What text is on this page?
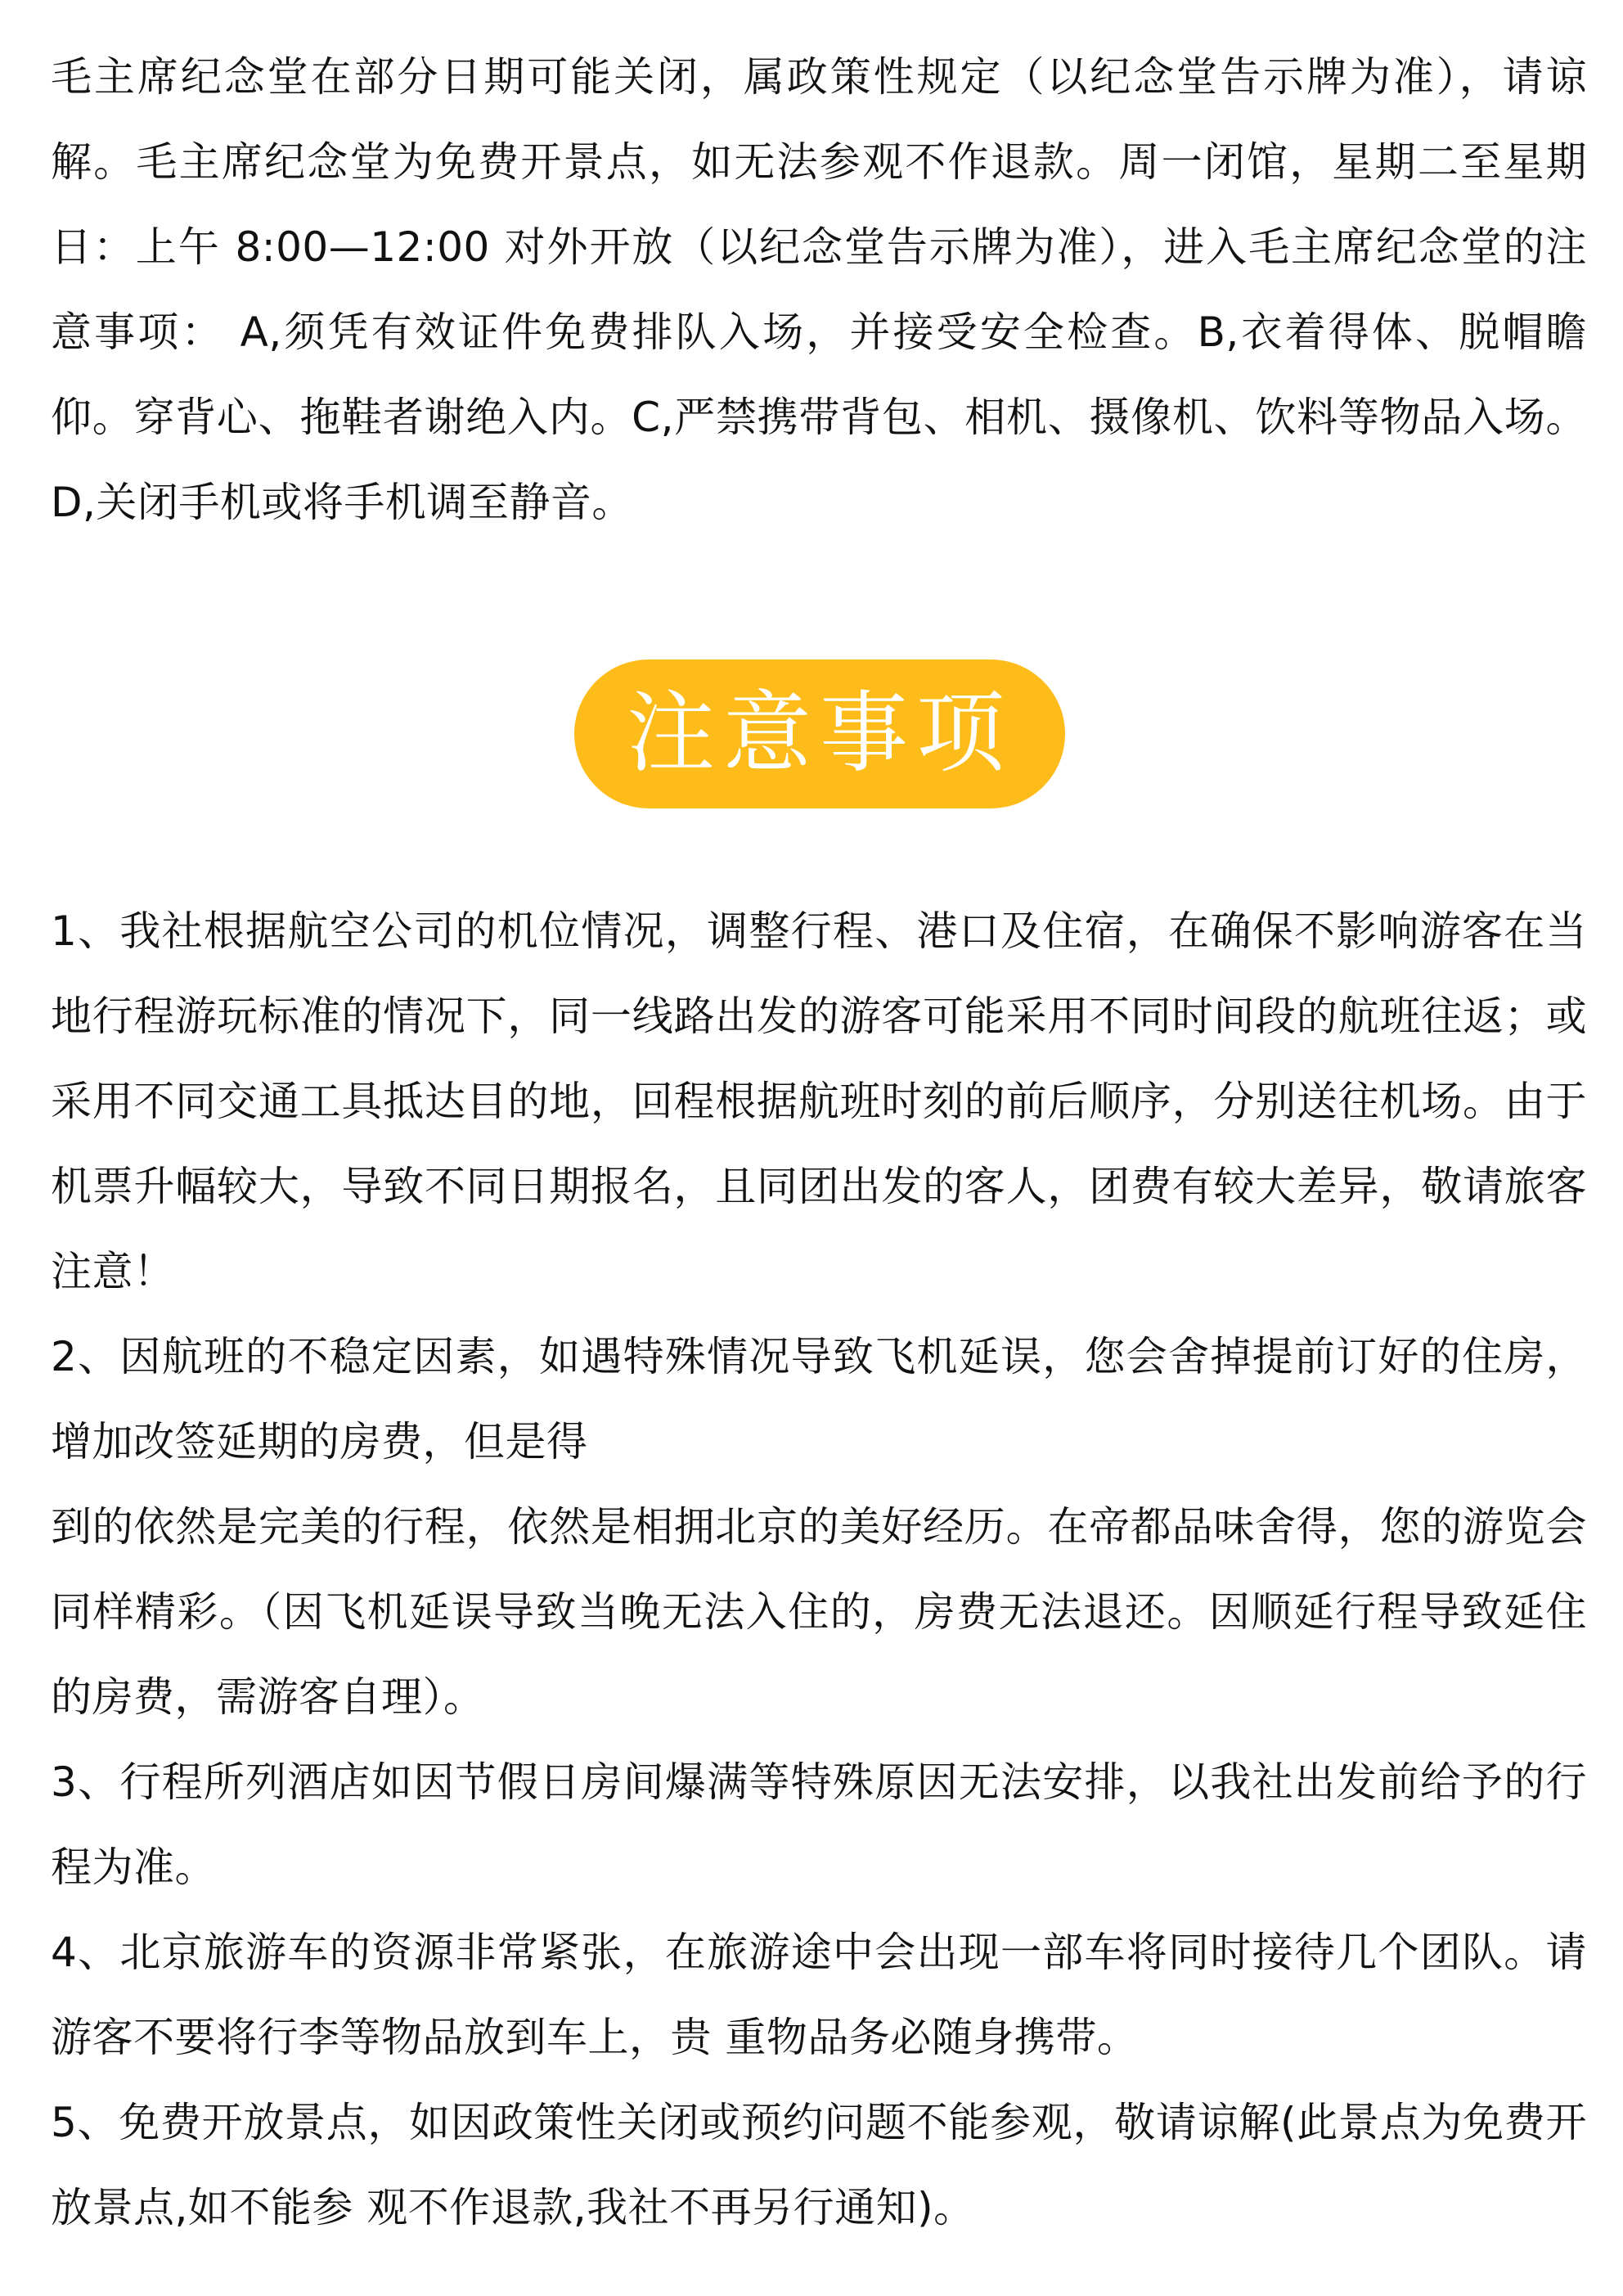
毛主席纪念堂在部分日期可能关闭，属政策性规定（以纪念堂告示牌为准），请谅解。毛主席纪念堂为免费开景点，如无法参观不作退款。周一闭馆，星期二至星期日：上午 8:00—12:00 对外开放（以纪念堂告示牌为准），进入毛主席纪念堂的注意事项： A,须凭有效证件免费排队入场，并接受安全检查。B,衣着得体、脱帽瞻仰。穿背心、拖鞋者谢绝入内。C,严禁携带背包、相机、摄像机、饮料等物品入场。 D,关闭手机或将手机调至静音。

注意事项

1、我社根据航空公司的机位情况，调整行程、港口及住宿，在确保不影响游客在当地行程游玩标准的情况下，同一线路出发的游客可能采用不同时间段的航班往返；或采用不同交通工具抵达目的地，回程根据航班时刻的前后顺序，分别送往机场。由于机票升幅较大，导致不同日期报名，且同团出发的客人，团费有较大差异，敬请旅客注意！

2、因航班的不稳定因素，如遇特殊情况导致飞机延误，您会舍掉提前订好的住房，增加改签延期的房费，但是得

到的依然是完美的行程，依然是相拥北京的美好经历。在帝都品味舍得，您的游览会同样精彩。（因飞机延误导致当晚无法入住的，房费无法退还。因顺延行程导致延住的房费，需游客自理）。

3、行程所列酒店如因节假日房间爆满等特殊原因无法安排，以我社出发前给予的行程为准。

4、北京旅游车的资源非常紧张，在旅游途中会出现一部车将同时接待几个团队。请游客不要将行李等物品放到车上，贵 重物品务必随身携带。

5、免费开放景点，如因政策性关闭或预约问题不能参观，敬请谅解(此景点为免费开放景点,如不能参 观不作退款,我社不再另行通知)。
